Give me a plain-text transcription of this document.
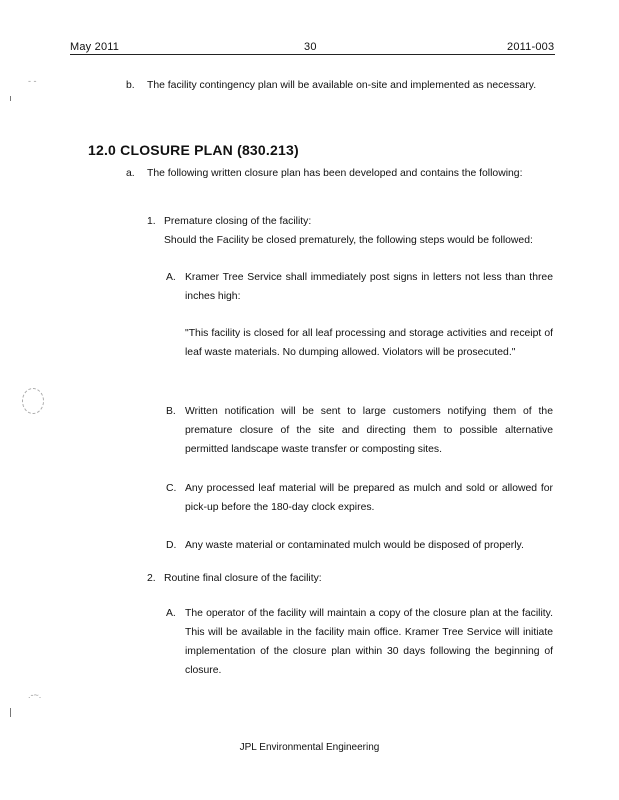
May 2011	30	2011-003
- -
.-~.
b. The facility contingency plan will be available on-site and implemented as necessary.
12.0 CLOSURE PLAN (830.213)
a. The following written closure plan has been developed and contains the following:
1. Premature closing of the facility:
Should the Facility be closed prematurely, the following steps would be followed:
A. Kramer Tree Service shall immediately post signs in letters not less than three inches high:
"This facility is closed for all leaf processing and storage activities and receipt of leaf waste materials. No dumping allowed. Violators will be prosecuted."
B. Written notification will be sent to large customers notifying them of the premature closure of the site and directing them to possible alternative permitted landscape waste transfer or composting sites.
C. Any processed leaf material will be prepared as mulch and sold or allowed for pick-up before the 180-day clock expires.
D. Any waste material or contaminated mulch would be disposed of properly.
2. Routine final closure of the facility:
A. The operator of the facility will maintain a copy of the closure plan at the facility. This will be available in the facility main office. Kramer Tree Service will initiate implementation of the closure plan within 30 days following the beginning of closure.
JPL Environmental Engineering
